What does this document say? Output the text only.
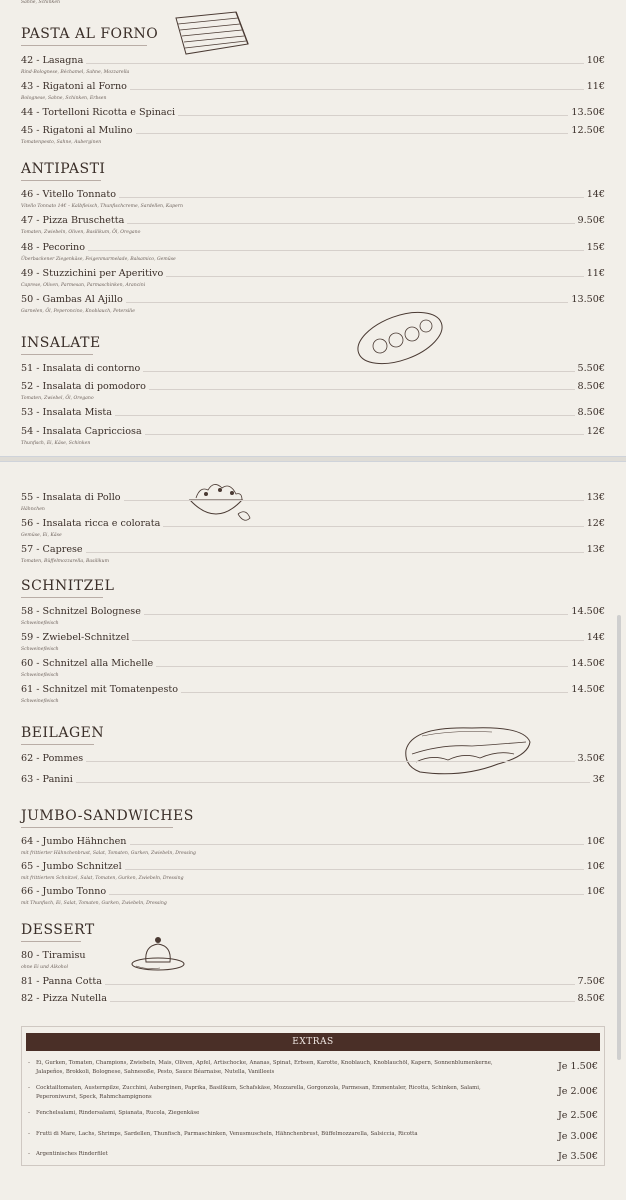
Sahne, Schinken
PASTA AL FORNO
42 - Lasagna	10€
Rind-Bolognese, Béchamel, Sahne, Mozzarella
43 - Rigatoni al Forno	11€
Bolognese, Sahne, Schinken, Erbsen
44 - Tortelloni Ricotta e Spinaci	13.50€
45 - Rigatoni al Mulino	12.50€
Tomatenpesto, Sahne, Auberginen
ANTIPASTI
46 - Vitello Tonnato	14€
Vitello Tonnato 14€ – Kalbfleisch, Thunfischcreme, Sardellen, Kapern
47 - Pizza Bruschetta	9.50€
Tomaten, Zwiebeln, Oliven, Basilikum, Öl, Oregano
48 - Pecorino	15€
Überbackener Ziegenkäse, Feigenmarmelade, Balsamico, Gemüse
49 - Stuzzichini per Aperitivo	11€
Caprese, Oliven, Parmesan, Parmaschinken, Arancini
50 - Gambas Al Ajillo	13.50€
Garnelen, Öl, Peperoncino, Knoblauch, Petersilie
INSALATE
51 - Insalata di contorno	5.50€
52 - Insalata di pomodoro	8.50€
Tomaten, Zwiebel, Öl, Oregano
53 - Insalata Mista	8.50€
54 - Insalata Capricciosa	12€
Thunfisch, Ei, Käse, Schinken
55 - Insalata di Pollo	13€
Hähnchen
56 - Insalata ricca e colorata	12€
Gemüse, Ei, Käse
57 - Caprese	13€
Tomaten, Büffelmozzarella, Basilikum
SCHNITZEL
58 - Schnitzel Bolognese	14.50€
Schweinefleisch
59 - Zwiebel-Schnitzel	14€
Schweinefleisch
60 - Schnitzel alla Michelle	14.50€
Schweinefleisch
61 - Schnitzel mit Tomatenpesto	14.50€
Schweinefleisch
BEILAGEN
62 - Pommes	3.50€
63 - Panini	3€
JUMBO-SANDWICHES
64 - Jumbo Hähnchen	10€
mit frittierter Hähnchenbrust, Salat, Tomaten, Gurken, Zwiebeln, Dressing
65 - Jumbo Schnitzel	10€
mit frittiertem Schnitzel, Salat, Tomaten, Gurken, Zwiebeln, Dressing
66 - Jumbo Tonno	10€
mit Thunfisch, Ei, Salat, Tomaten, Gurken, Zwiebeln, Dressing
DESSERT
80 - Tiramisu
ohne Ei und Alkohol
81 - Panna Cotta	7.50€
82 - Pizza Nutella	8.50€
EXTRAS
- Ei, Gurken, Tomaten, Champions, Zwiebeln, Mais, Oliven, Apfel, Artischocke, Ananas, Spinat, Erbsen, Karotte, Knoblauch, Knoblauchöl, Kapern, Sonnenblumenkerne, Jalapeños, Brokkoli, Bolognese, Sahnesoße, Pesto, Sauce Béarnaise, Nutella, Vanilleeis	Je 1.50€
- Cocktailtomaten, Austernpilze, Zucchini, Auberginen, Paprika, Basilikum, Schafskäse, Mozzarella, Gorgonzola, Parmesan, Emmentaler, Ricotta, Schinken, Salami, Peperoniwurst, Speck, Rahmchampignons	Je 2.00€
- Fenchelsalami, Rindersalami, Spianata, Rucola, Ziegenkäse	Je 2.50€
- Frutti di Mare, Lachs, Shrimps, Sardellen, Thunfisch, Parmaschinken, Venusmuscheln, Hähnchenbrust, Büffelmozzarella, Salsiccia, Ricotta	Je 3.00€
- Argentinisches Rinderfilet	Je 3.50€
